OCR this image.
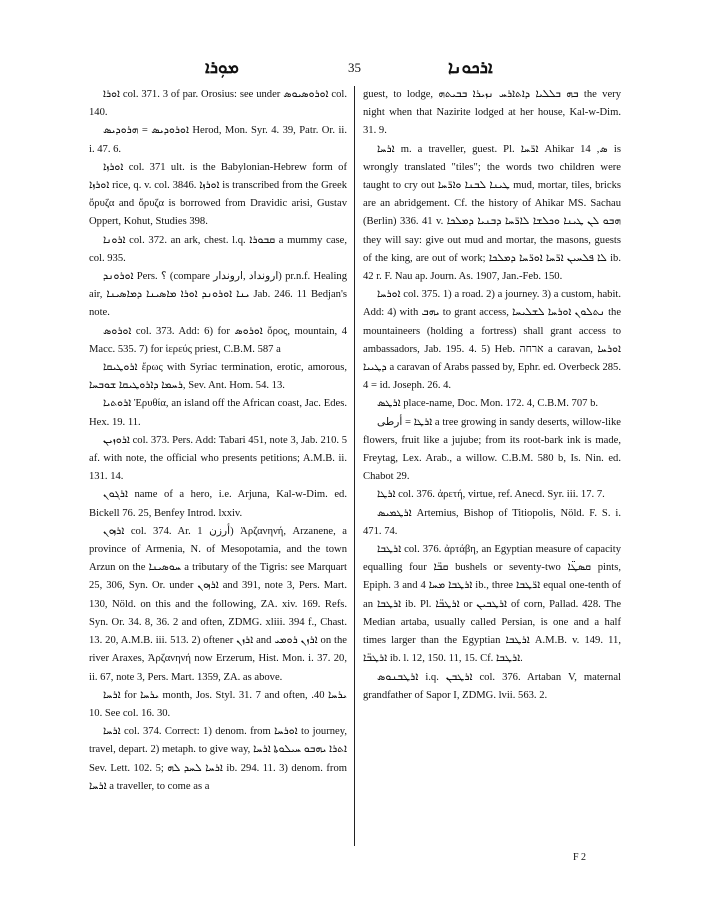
ܡܘܼܪܐ	35	ܐܪܟܘܢܐ

ܐܘܪܐ col. 371. 3 of par. Orosius: see under ܐܘܪܘܣܝܘܣ col. 140.

ܐܘܪܘܕܝܣ = ܗܪܘܕܝܣ Herod, Mon. Syr. 4. 39, Patr. Or. ii. i. 47. 6.

ܐܘܪܙܐ col. 371 ult. is the Babylonian-Hebrew form of ܐܘܪܙܐ rice, q. v. col. 3846. ܐܘܪܙܐ is transcribed from the Greek ὄρυζα and ὄρυζα is borrowed from Dravidic arisi, Gustav Oppert, Kohut, Studies 398.

ܐܪܘܢܐ col. 372. an ark, chest. l.q. ܩܒܘܪܐ a mummy case, col. 935.

ܐܘܪܘܢܕ Pers. ؟ (compare ارونداد ,اروندار) pr.n.f. Healing air, ܝܢܐ ܐܘܪܘܢܕ ܐܘܪܐ ܡܐܣܝܢܐ ܕܡܐܣܝܢܐ Jab. 246. 11 Bedjan's note.

ܐܘܪܘܣ col. 373. Add: 6) for ܐܘܪܘܣ ὄρος, mountain, 4 Macc. 535. 7) for ἱερεύς priest, C.B.M. 587 a

ܐܪܘܛܝܩܐ ἔρως with Syriac termination, erotic, amorous, ܪܚܡܐ ܕܐܪܘܛܝܩܐ ܫܘܒܚܐ, Sev. Ant. Hom. 54. 13.

ܐܪܘܬܝܐ Ἐρυθία, an island off the African coast, Jac. Edes. Hex. 19. 11.

ܐܪܘܙܝܢ col. 373. Pers. Add: Tabari 451, note 3, Jab. 210. 5 af. with note, the official who presents petitions; A.M.B. ii. 131. 14.

ܐܪܓܘܢ name of a hero, i.e. Arjuna, Kal-w-Dim. ed. Bickell 76. 25, Benfey Introd. lxxiv.

ܐܪܙܘܢ col. 374. Ar. أرزن 1) Ἀρζανηνή, Arzanene, a province of Armenia, N. of Mesopotamia, and the town Arzun on the ܚܘܣܝܢܐ a tributary of the Tigris: see Marquart 25, 306, Syn. Or. under ܐܪܙܘܢ and 391, note 3, Pers. Mart. 130, Nöld. on this and the following, ZA. xiv. 169. Refs. Syn. Or. 34. 8, 36. 2 and often, ZDMG. xliii. 394 f., Chast. 13. 20, A.M.B. iii. 513. 2) oftener ܐܪܙܢ and ܐܪܙܢ ܪܘܡܝ on the river Araxes, Ἀρζανηνή now Erzerum, Hist. Mon. i. 37. 20, ii. 67, note 3, Pers. Mart. 1359, ZA. as above.

ܐܪܚܐ for ܝܪܚܐ month, Jos. Styl. 31. 7 and often, ܝܪܚܐ 40. 10. See col. 16. 30.

ܐܪܚܐ col. 374. Correct: 1) denom. from ܐܘܪܚܐ to journey, travel, depart. 2) metaph. to give way, ܐܬܪܐ ܝܗܒܘ ܚܝܠܘܬܐ ܐܪܚܐ Sev. Lett. 102. 5; ܐܪܚܐ ܠܚܕ ܠܗ ib. 294. 11. 3) denom. from ܐܪܚܐ a traveller, to come as a

guest, to lodge, ܒܗ ܒܠܠܝܐ ܕܐܬܐܪܚ ܢܙܝܪܐ ܒܒܝܬܗ the very night when that Nazirite lodged at her house, Kal-w-Dim. 31. 9.

ܐܪܚܐ m. a traveller, guest. Pl. ܐܪ̈ܚܐ Ahikar ܣ, 14 is wrongly translated "tiles"; the words two children were taught to cry out ܛܝܢܐ ܠܒܢܐ ܘܐܪ̈ܚܐ mud, mortar, tiles, bricks are an abridgement. Cf. the history of Ahikar MS. Sachau (Berlin) 336. 41 v. ܗܒܘ ܠܢ ܛܝܢܐ ܘܟܠܫܐ ܠܐܪ̈ܚܐ ܕܒܢܝܐ ܕܡܠܟܐ they will say: give out mud and mortar, the masons, guests of the king, are out of work; ܠܐ ܦܠܚܝܢ ܐܪ̈ܚܐ ܐܘܪ̈ܚܐ ܕܡܠܟܐ ib. 42 r. F. Nau ap. Journ. As. 1907, Jan.-Feb. 150.

ܐܘܪܚܐ col. 375. 1) a road. 2) a journey. 3) a custom, habit. Add: 4) with ܝܗܒ to grant access, ܢܬܠܘܢ ܐܘܪܚܐ ܠܫܠܝܚܐ the mountaineers (holding a fortress) shall grant access to ambassadors, Jab. 195. 4. 5) Heb. ארחה a caravan, ܐܘܪܚܐ ܕܛܝܝܐ a caravan of Arabs passed by, Ephr. ed. Overbeck 285. 4 = id. Joseph. 26. 4.

ܐܪܛܣ place-name, Doc. Mon. 172. 4, C.B.M. 707 b.

ܐܪܛܐ = أرطى a tree growing in sandy deserts, willow-like flowers, fruit like a jujube; from its root-bark ink is made, Freytag, Lex. Arab., a willow. C.B.M. 580 b, Is. Nin. ed. Chabot 29.

ܐܪܛܐ col. 376. ἀρετή, virtue, ref. Anecd. Syr. iii. 17. 7.

ܐܪܛܡܝܣ Artemius, Bishop of Titiopolis, Nöld. F. S. i. 471. 74.

ܐܪܛܒܐ col. 376. ἀρτάβη, an Egyptian measure of capacity equalling four ܩܒ̈ܐ bushels or seventy-two ܩܣܛ̈ܐ pints, Epiph. 3 and 4 ܐܪܛܒܐ ܡܚܐ ib., three ܐܪ̈ܛܒܐ equal one-tenth of an ܐܪܛܒܐ ib. Pl. ܐܪܛܒ̈ܐ or ܐܪܛܒܝܢ of corn, Pallad. 428. The Median artaba, usually called Persian, is one and a half times larger than the Egyptian ܐܪܛܒܐ A.M.B. v. 149. 11, ܐܪܛܒ̈ܐ ib. l. 12, 150. 11, 15. Cf. ܐܪܛܒܐ.

ܐܪܛܒܢܘܣ i.q. ܐܪܛܒܢ col. 376. Artaban V, maternal grandfather of Sapor I, ZDMG. lvii. 563. 2.

F 2
